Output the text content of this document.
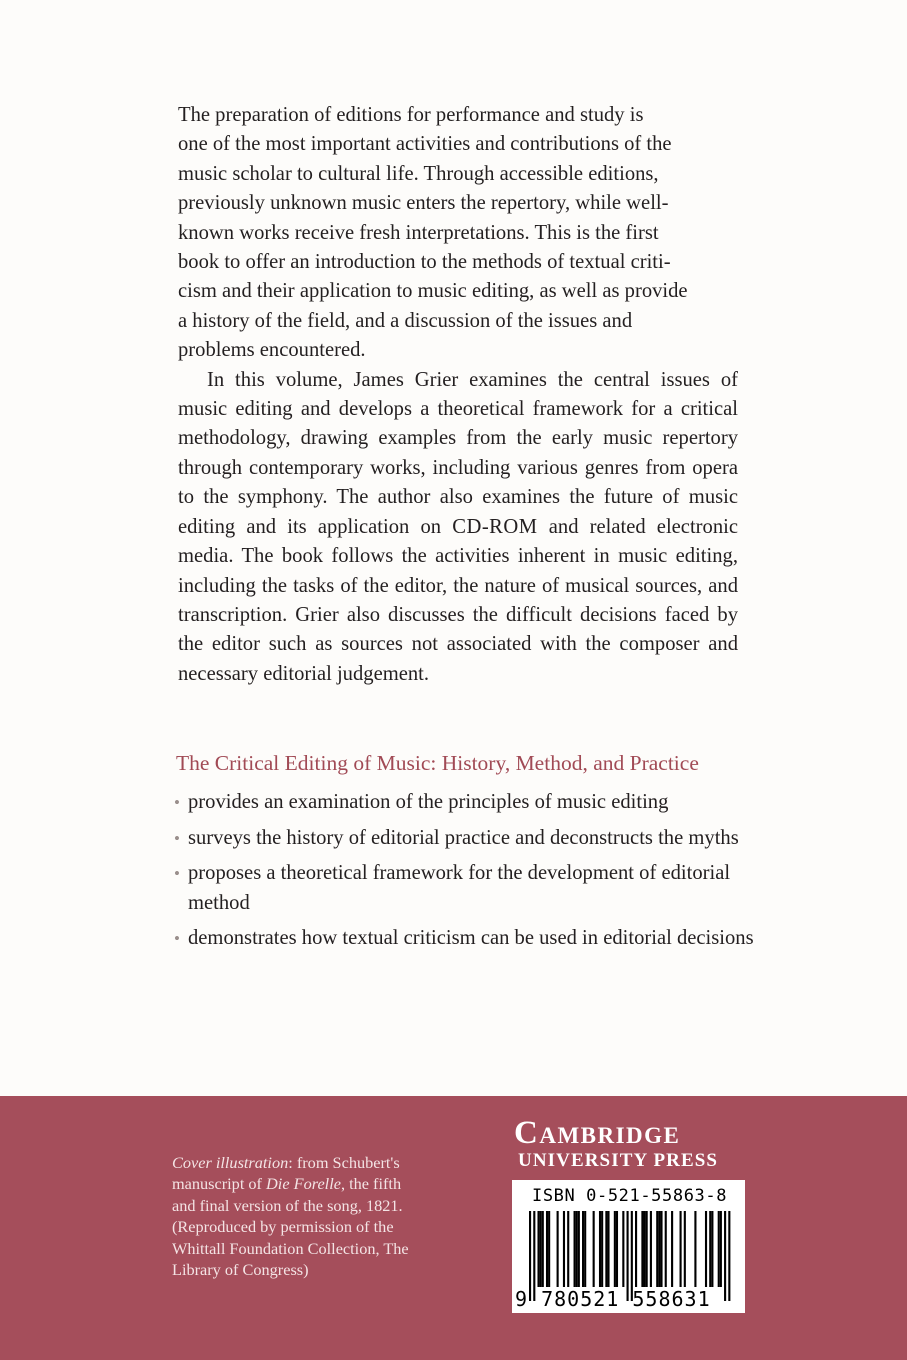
The preparation of editions for performance and study is
one of the most important activities and contributions of the
music scholar to cultural life. Through accessible editions,
previously unknown music enters the repertory, while well-
known works receive fresh interpretations. This is the first
book to offer an introduction to the methods of textual criti-
cism and their application to music editing, as well as provide
a history of the field, and a discussion of the issues and
problems encountered.

In this volume, James Grier examines the central issues of music editing and develops a theoretical framework for a critical methodology, drawing examples from the early music repertory through contemporary works, including various genres from opera to the symphony. The author also examines the future of music editing and its application on CD-ROM and related electronic media. The book follows the activities inherent in music editing, including the tasks of the editor, the nature of musical sources, and transcription. Grier also discusses the difficult decisions faced by the editor such as sources not associated with the composer and necessary editorial judgement.

The Critical Editing of Music: History, Method, and Practice
• provides an examination of the principles of music editing
• surveys the history of editorial practice and deconstructs the myths
• proposes a theoretical framework for the development of editorial method
• demonstrates how textual criticism can be used in editorial decisions
Cover illustration: from Schubert's manuscript of Die Forelle, the fifth and final version of the song, 1821. (Reproduced by permission of the Whittall Foundation Collection, The Library of Congress)
Cambridge
UNIVERSITY PRESS
ISBN 0-521-55863-8
9 780521 558631
